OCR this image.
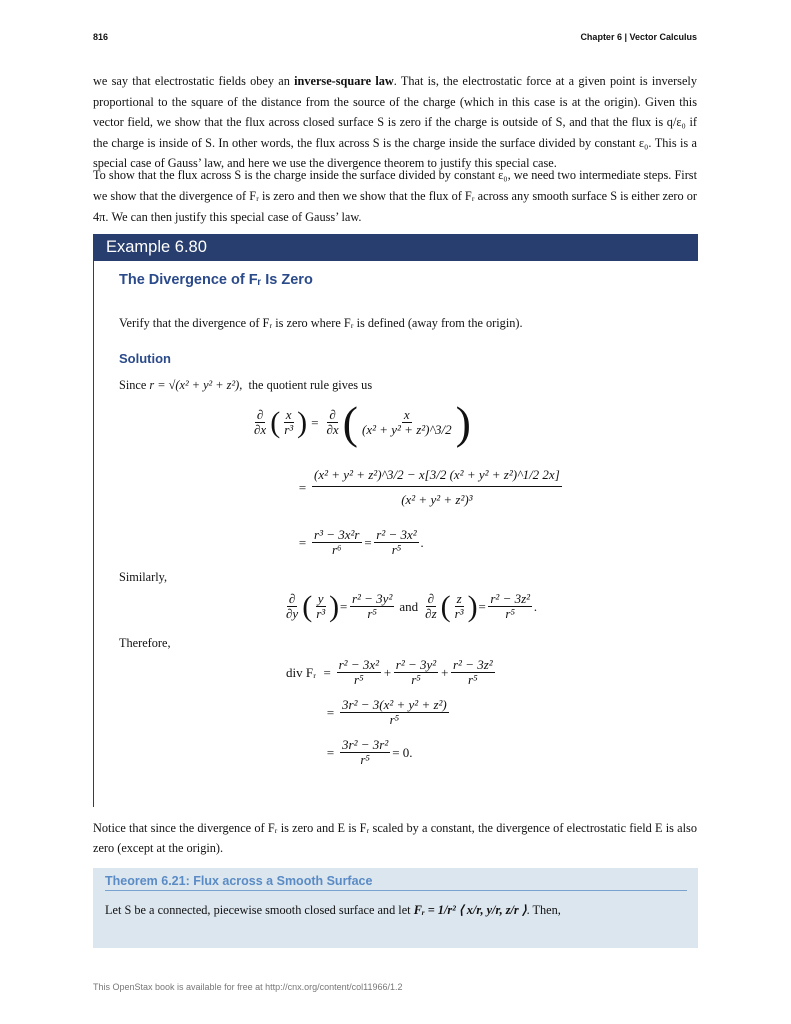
816	Chapter 6 | Vector Calculus
we say that electrostatic fields obey an inverse-square law. That is, the electrostatic force at a given point is inversely proportional to the square of the distance from the source of the charge (which in this case is at the origin). Given this vector field, we show that the flux across closed surface S is zero if the charge is outside of S, and that the flux is q/ε₀ if the charge is inside of S. In other words, the flux across S is the charge inside the surface divided by constant ε₀. This is a special case of Gauss’ law, and here we use the divergence theorem to justify this special case.
To show that the flux across S is the charge inside the surface divided by constant ε₀, we need two intermediate steps. First we show that the divergence of Fᵣ is zero and then we show that the flux of Fᵣ across any smooth surface S is either zero or 4π. We can then justify this special case of Gauss’ law.
Example 6.80
The Divergence of Fᵣ Is Zero
Verify that the divergence of Fᵣ is zero where Fᵣ is defined (away from the origin).
Solution
Since r = √(x² + y² + z²), the quotient rule gives us
∂
∂x ( x
r³ ) = ∂
∂x (	x
(x² + y² + z²)^3/2 )
=
(x² + y² + z²)^3/2 − x[3/2 (x² + y² + z²)^1/2 2x]
(x² + y² + z²)³
= r³ − 3x²r
r⁶ = r² − 3x²
r⁵ .
Similarly,
∂
∂y ( y
r³ ) = r² − 3y²
r⁵ and ∂
∂z ( z
r³ ) = r² − 3z²
r⁵ .
Therefore,
div Fᵣ = r² − 3x²
r⁵ + r² − 3y²
r⁵ + r² − 3z²
r⁵
= 3r² − 3(x² + y² + z²)
r⁵
= $\frac{\text{3r² − 3r²}}{\text{r⁵}} = 0$.
Notice that since the divergence of Fᵣ is zero and E is Fᵣ scaled by a constant, the divergence of electrostatic field E is also zero (except at the origin).
Theorem 6.21: Flux across a Smooth Surface
Let S be a connected, piecewise smooth closed surface and let Fᵣ = 1/r² ⟨ x/r, y/r, z/r ⟩. Then,
This OpenStax book is available for free at http://cnx.org/content/col11966/1.2
